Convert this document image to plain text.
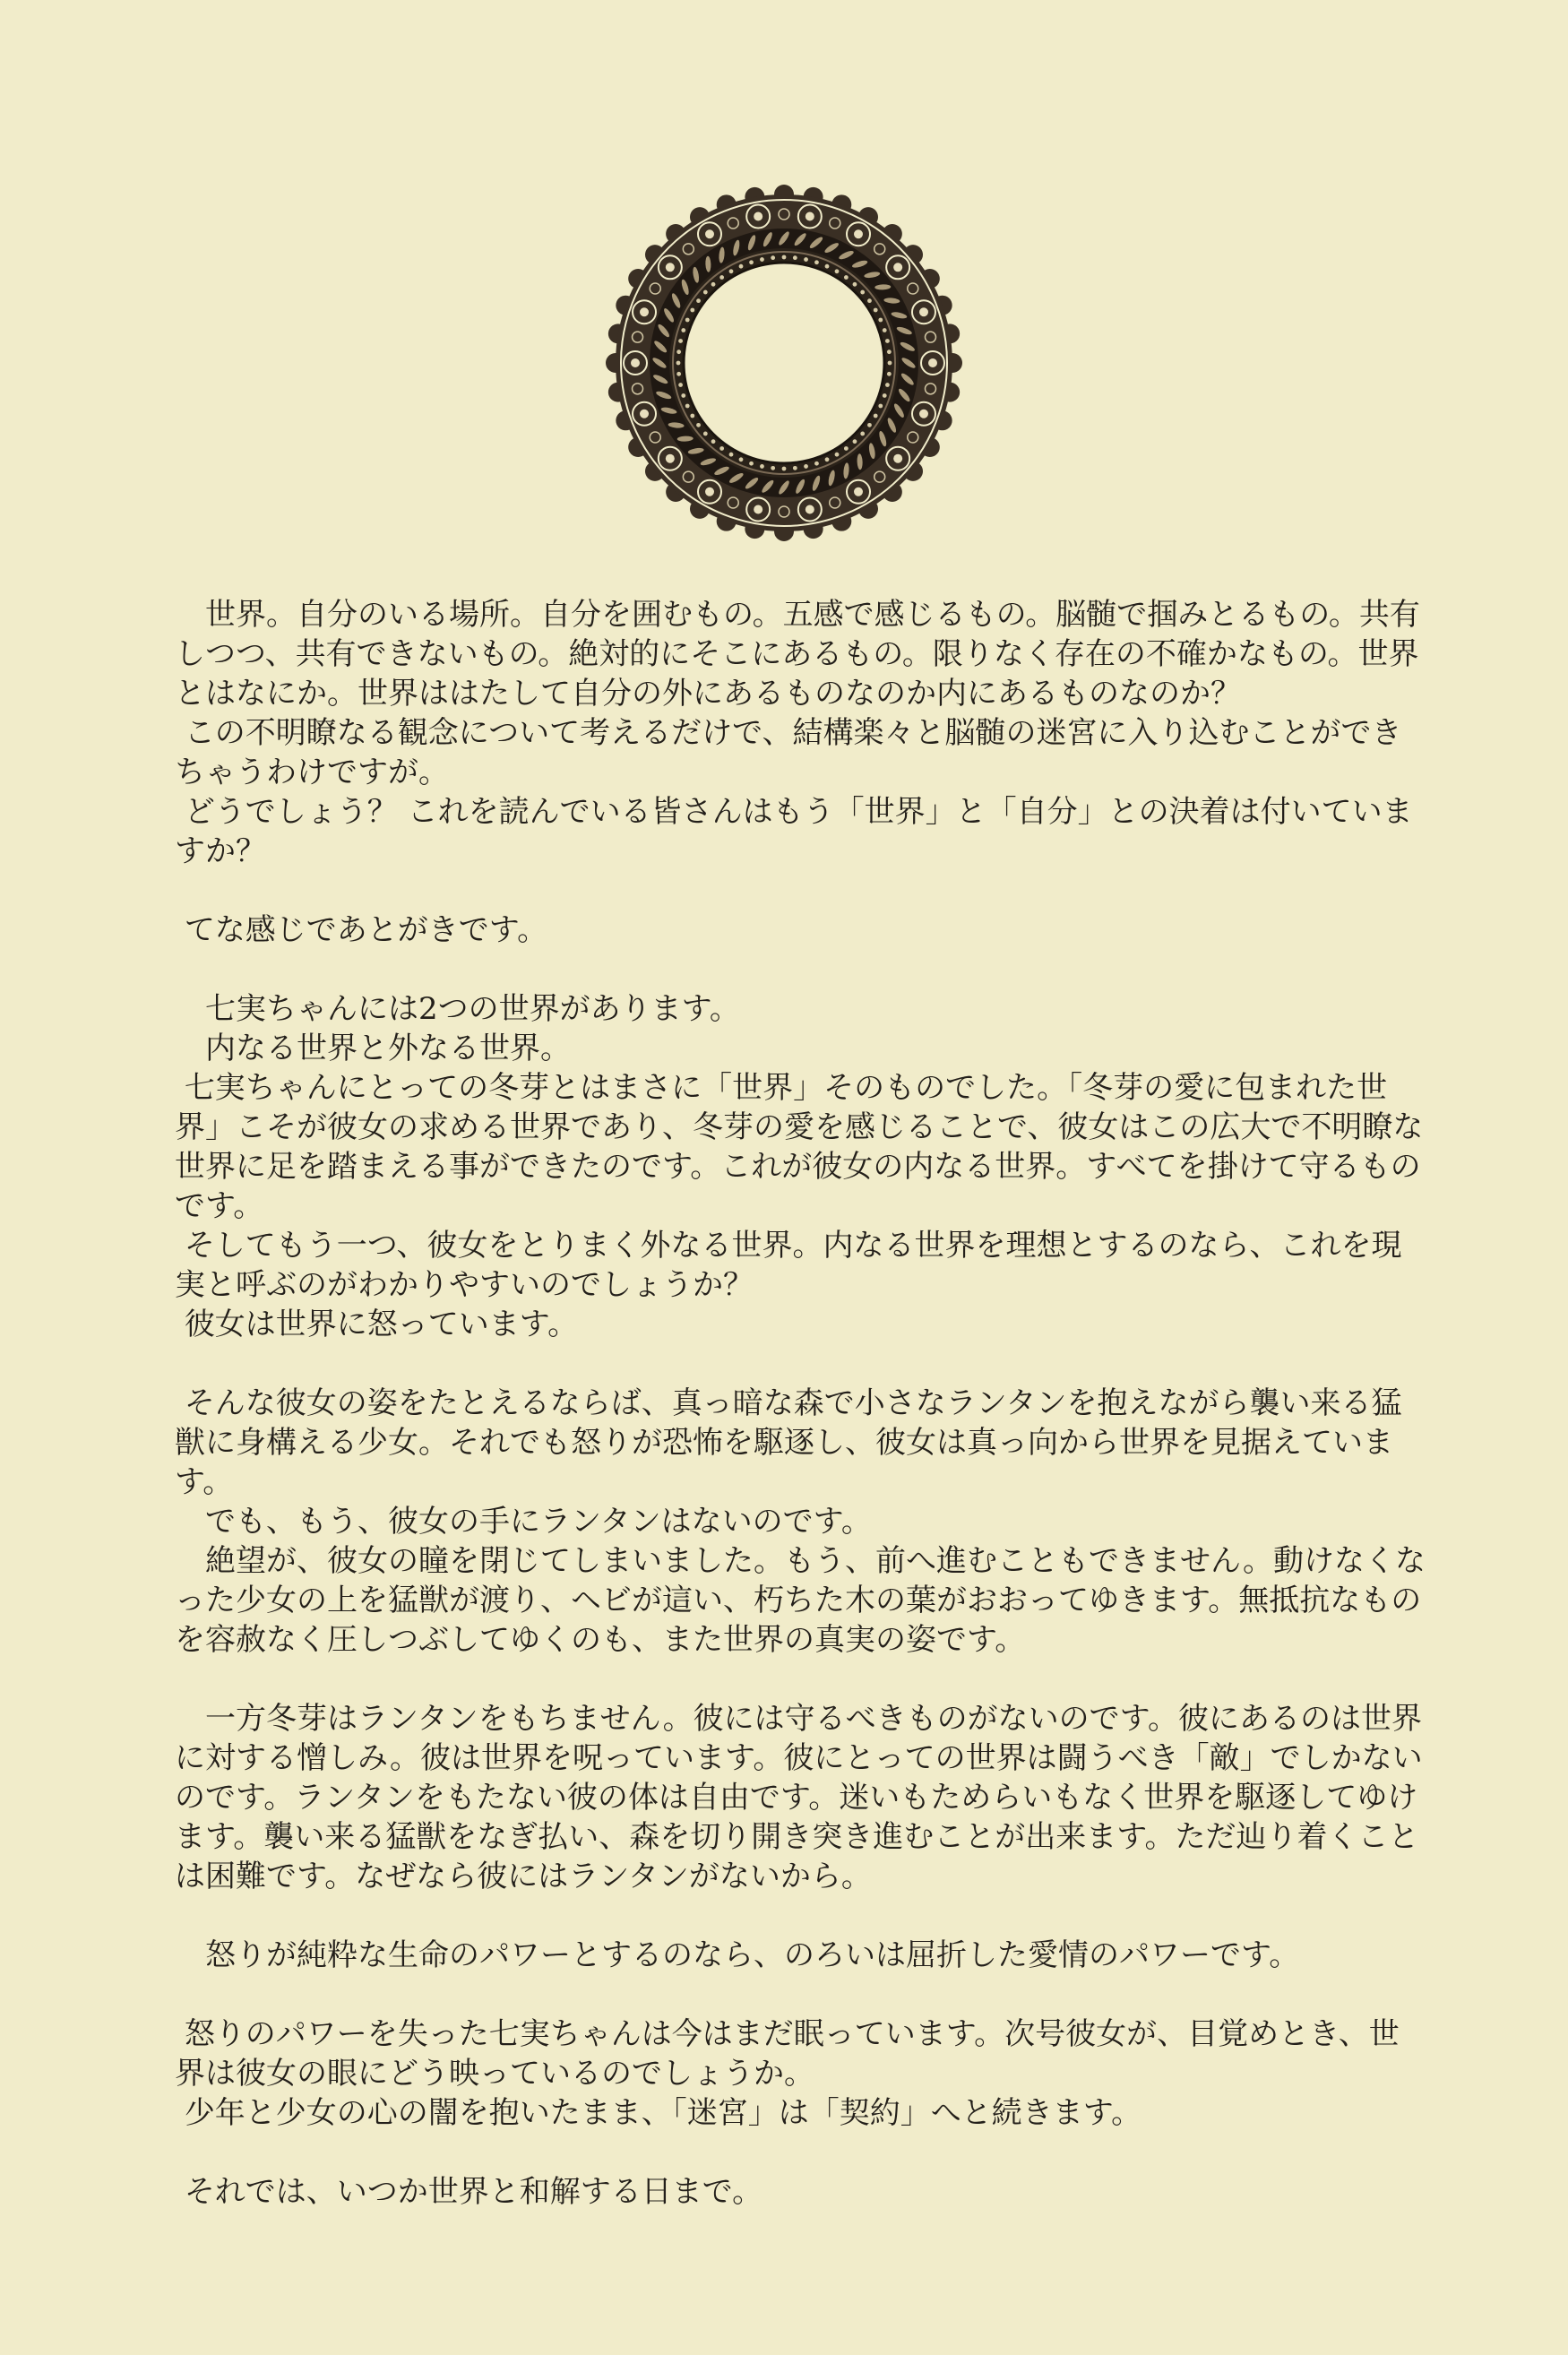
　世界。自分のいる場所。自分を囲むもの。五感で感じるもの。脳髄で掴みとるもの。共有しつつ、共有できないもの。絶対的にそこにあるもの。限りなく存在の不確かなもの。世界とはなにか。世界ははたして自分の外にあるものなのか内にあるものなのか？

この不明瞭なる観念について考えるだけで、結構楽々と脳髄の迷宮に入り込むことができちゃうわけですが。

どうでしょう？ これを読んでいる皆さんはもう「世界」と「自分」との決着は付いていますか？

てな感じであとがきです。

　七実ちゃんには2つの世界があります。

　内なる世界と外なる世界。

七実ちゃんにとっての冬芽とはまさに「世界」そのものでした。「冬芽の愛に包まれた世界」こそが彼女の求める世界であり、冬芽の愛を感じることで、彼女はこの広大で不明瞭な世界に足を踏まえる事ができたのです。これが彼女の内なる世界。すべてを掛けて守るものです。

そしてもう一つ、彼女をとりまく外なる世界。内なる世界を理想とするのなら、これを現実と呼ぶのがわかりやすいのでしょうか？

彼女は世界に怒っています。

そんな彼女の姿をたとえるならば、真っ暗な森で小さなランタンを抱えながら襲い来る猛獣に身構える少女。それでも怒りが恐怖を駆逐し、彼女は真っ向から世界を見据えています。

　でも、もう、彼女の手にランタンはないのです。

　絶望が、彼女の瞳を閉じてしまいました。もう、前へ進むこともできません。動けなくなった少女の上を猛獣が渡り、ヘビが這い、朽ちた木の葉がおおってゆきます。無抵抗なものを容赦なく圧しつぶしてゆくのも、また世界の真実の姿です。

　一方冬芽はランタンをもちません。彼には守るべきものがないのです。彼にあるのは世界に対する憎しみ。彼は世界を呪っています。彼にとっての世界は闘うべき「敵」でしかないのです。ランタンをもたない彼の体は自由です。迷いもためらいもなく世界を駆逐してゆけます。襲い来る猛獣をなぎ払い、森を切り開き突き進むことが出来ます。ただ辿り着くことは困難です。なぜなら彼にはランタンがないから。

　怒りが純粋な生命のパワーとするのなら、のろいは屈折した愛情のパワーです。

怒りのパワーを失った七実ちゃんは今はまだ眠っています。次号彼女が、目覚めとき、世界は彼女の眼にどう映っているのでしょうか。

少年と少女の心の闇を抱いたまま、「迷宮」は「契約」へと続きます。

それでは、いつか世界と和解する日まで。
